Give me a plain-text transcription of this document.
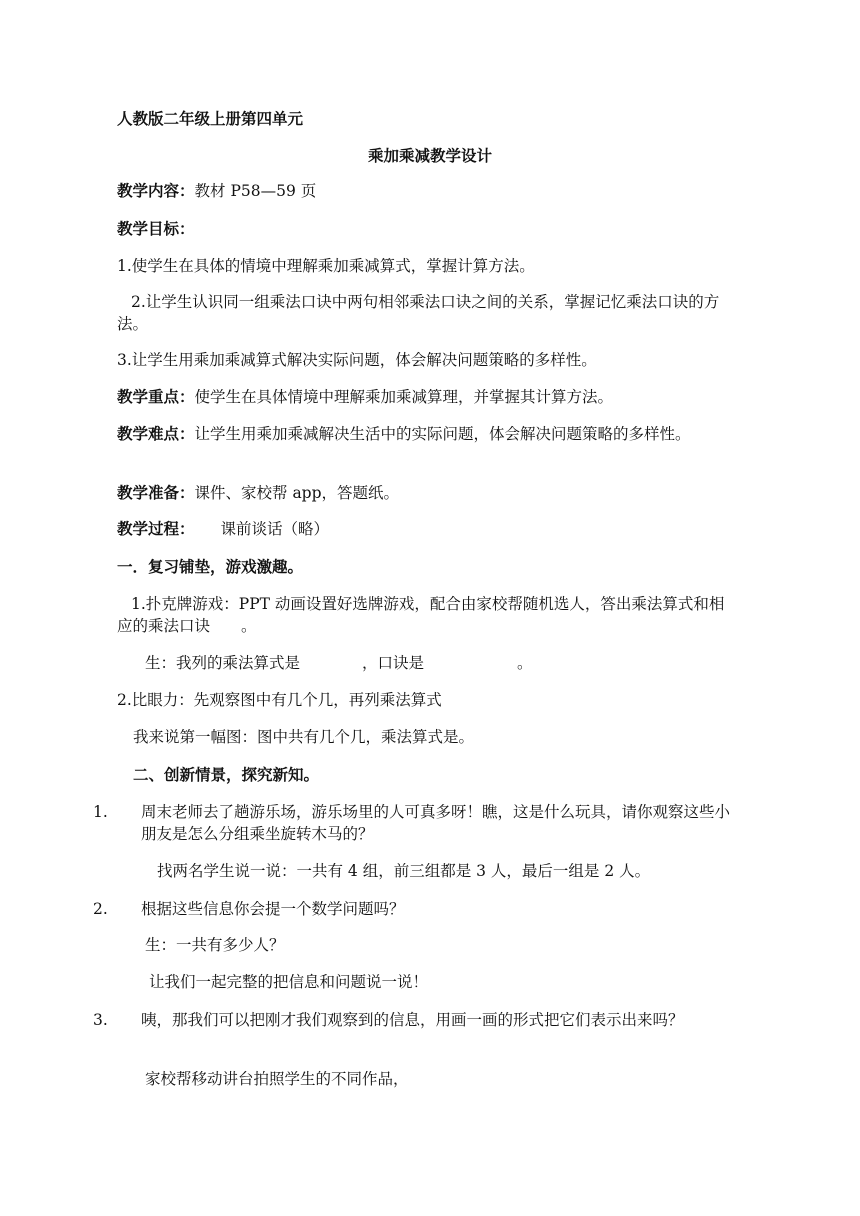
人教版二年级上册第四单元
乘加乘减教学设计
教学内容：教材 P58—59 页
教学目标：
1.使学生在具体的情境中理解乘加乘减算式，掌握计算方法。
2.让学生认识同一组乘法口诀中两句相邻乘法口诀之间的关系，掌握记忆乘法口诀的方法。
3.让学生用乘加乘减算式解决实际问题，体会解决问题策略的多样性。
教学重点：使学生在具体情境中理解乘加乘减算理，并掌握其计算方法。
教学难点：让学生用乘加乘减解决生活中的实际问题，体会解决问题策略的多样性。
教学准备：课件、家校帮 app，答题纸。
教学过程： 课前谈话（略）
一．复习铺垫，游戏激趣。
1.扑克牌游戏：PPT 动画设置好选牌游戏，配合由家校帮随机选人，答出乘法算式和相应的乘法口诀　　。
生：我列的乘法算式是　　　　，口诀是　　　　　　。
2.比眼力：先观察图中有几个几，再列乘法算式
我来说第一幅图：图中共有几个几，乘法算式是。
二、创新情景，探究新知。
1. 周末老师去了趟游乐场，游乐场里的人可真多呀！瞧，这是什么玩具，请你观察这些小朋友是怎么分组乘坐旋转木马的？
找两名学生说一说：一共有 4 组，前三组都是 3 人，最后一组是 2 人。
2. 根据这些信息你会提一个数学问题吗？
生：一共有多少人？
让我们一起完整的把信息和问题说一说！
3. 咦，那我们可以把刚才我们观察到的信息，用画一画的形式把它们表示出来吗？
家校帮移动讲台拍照学生的不同作品，
